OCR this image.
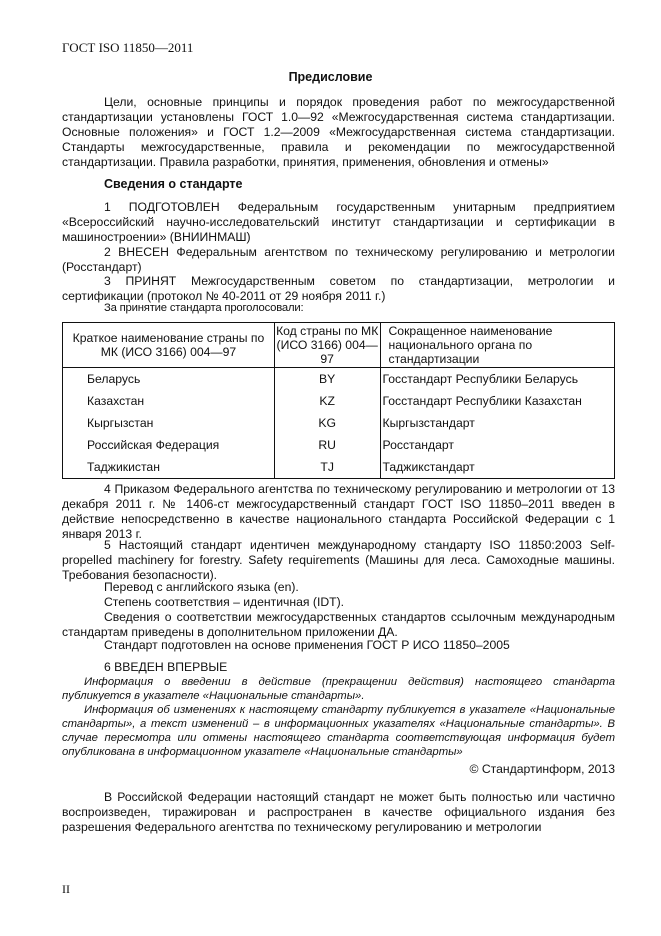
ГОСТ ISO 11850—2011
Предисловие

Цели, основные принципы и порядок проведения работ по межгосударственной стандартизации установлены ГОСТ 1.0—92 «Межгосударственная система стандартизации. Основные положения» и ГОСТ 1.2—2009 «Межгосударственная система стандартизации. Стандарты межгосударственные, правила и рекомендации по межгосударственной стандартизации. Правила разработки, принятия, применения, обновления и отмены»

Сведения о стандарте

1 ПОДГОТОВЛЕН Федеральным государственным унитарным предприятием «Всероссийский научно-исследовательский институт стандартизации и сертификации в машиностроении» (ВНИИНМАШ)

2 ВНЕСЕН Федеральным агентством по техническому регулированию и метрологии (Росстандарт)

3 ПРИНЯТ Межгосударственным советом по стандартизации, метрологии и сертификации (протокол № 40-2011 от 29 ноября 2011 г.)

За принятие стандарта проголосовали:
Краткое наименование страны по МК (ИСО 3166) 004—97	Код страны по МК (ИСО 3166) 004— 97	Сокращенное наименование национального органа по стандартизации
Беларусь	BY	Госстандарт Республики Беларусь
Казахстан	KZ	Госстандарт Республики Казахстан
Кыргызстан	KG	Кыргызстандарт
Российская Федерация	RU	Росстандарт
Таджикистан	TJ	Таджикстандарт

4 Приказом Федерального агентства по техническому регулированию и метрологии от 13 декабря 2011 г. № 1406-ст межгосударственный стандарт ГОСТ ISO 11850–2011 введен в действие непосредственно в качестве национального стандарта Российской Федерации с 1 января 2013 г.

5 Настоящий стандарт идентичен международному стандарту ISO 11850:2003 Self-propelled machinery for forestry. Safety requirements (Машины для леса. Самоходные машины. Требования безопасности).

Перевод с английского языка (en).

Степень соответствия – идентичная (IDT).

Сведения о соответствии межгосударственных стандартов ссылочным международным стандартам приведены в дополнительном приложении ДА.

Стандарт подготовлен на основе применения ГОСТ Р ИСО 11850–2005

6 ВВЕДЕН ВПЕРВЫЕ

Информация о введении в действие (прекращении действия) настоящего стандарта публикуется в указателе «Национальные стандарты».

Информация об изменениях к настоящему стандарту публикуется в указателе «Национальные стандарты», а текст изменений – в информационных указателях «Национальные стандарты». В случае пересмотра или отмены настоящего стандарта соответствующая информация будет опубликована в информационном указателе «Национальные стандарты»

© Стандартинформ, 2013

В Российской Федерации настоящий стандарт не может быть полностью или частично воспроизведен, тиражирован и распространен в качестве официального издания без разрешения Федерального агентства по техническому регулированию и метрологии

II
